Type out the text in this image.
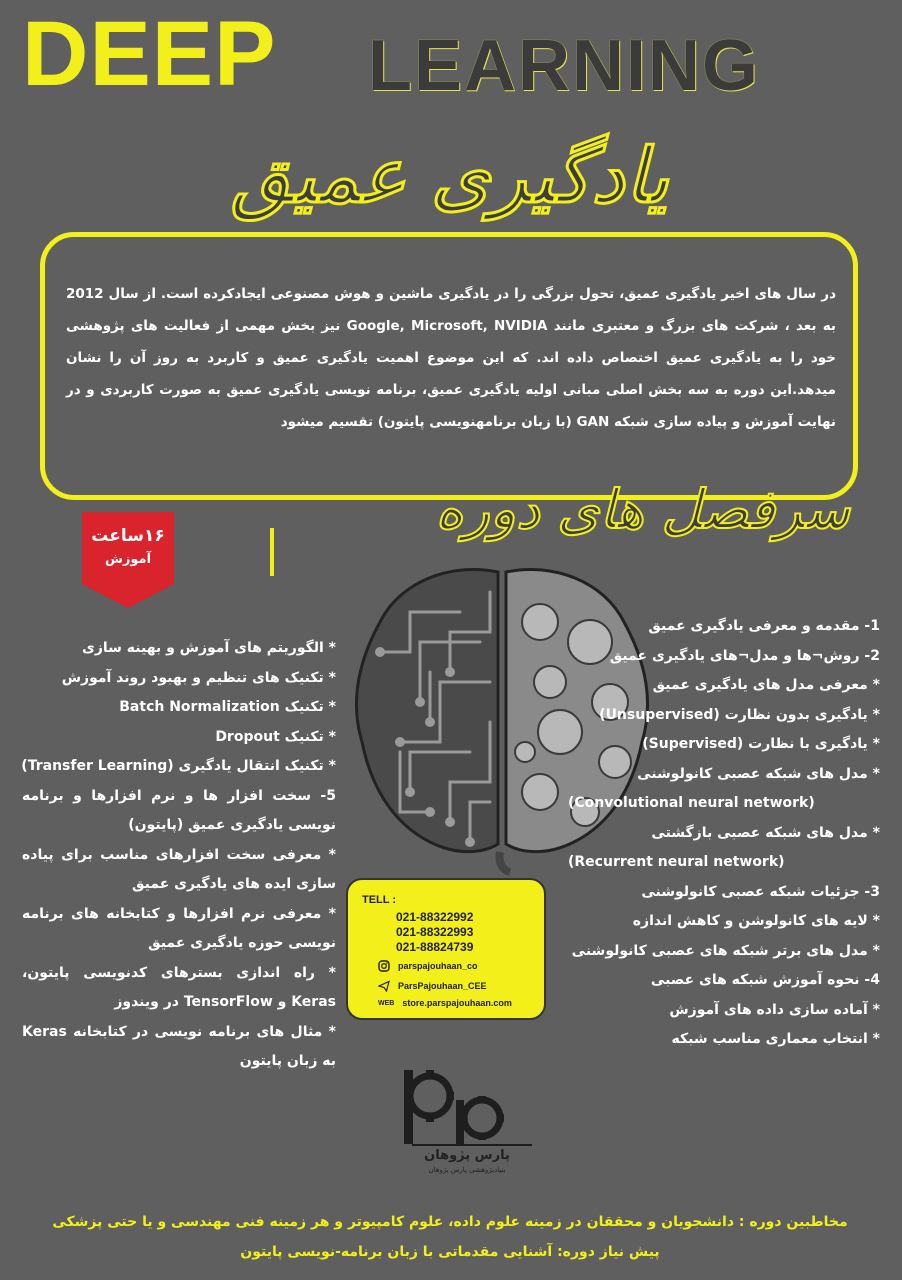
DEEP LEARNING
یادگیری عمیق
در سال های اخیر یادگیری عمیق، تحول بزرگی را در یادگیری ماشین و هوش مصنوعی ایجادکرده است. از سال 2012 به بعد ، شرکت های بزرگ و معتبری مانند Google, Microsoft, NVIDIA نیز بخش مهمی از فعالیت های پژوهشی خود را به یادگیری عمیق اختصاص داده اند. که این موضوع اهمیت یادگیری عمیق و کاربرد به روز آن را نشان میدهد.این دوره به سه بخش اصلی مبانی اولیه یادگیری عمیق، برنامه نویسی یادگیری عمیق به صورت کاربردی و در نهایت آموزش و پیاده سازی شبکه GAN (با زبان برنامهنویسی پایتون) تقسیم میشود
سرفصل های دوره
۱۶ساعت
آموزش
1- مقدمه و معرفی یادگیری عمیق
2- روش¬ها و مدل¬های یادگیری عمیق
* معرفی مدل های یادگیری عمیق
* یادگیری بدون نظارت (Unsupervised)
* یادگیری با نظارت (Supervised)
* مدل های شبکه عصبی کانولوشنی
(Convolutional neural network)
* مدل های شبکه عصبی بازگشتی
(Recurrent neural network)
3- جزئیات شبکه عصبی کانولوشنی
* لایه های کانولوشن و کاهش اندازه
* مدل های برتر شبکه های عصبی کانولوشنی
4- نحوه آموزش شبکه های عصبی
* آماده سازی داده های آموزش
* انتخاب معماری مناسب شبکه
* الگوریتم های آموزش و بهینه سازی
* تکنیک های تنظیم و بهبود روند آموزش
* تکنیک Batch Normalization
* تکنیک Dropout
* تکنیک انتقال یادگیری (Transfer Learning)
5- سخت افزار ها و نرم افزارها و برنامه نویسی یادگیری عمیق (پایتون)
* معرفی سخت افزارهای مناسب برای پیاده سازی ایده های یادگیری عمیق
* معرفی نرم افزارها و کتابخانه های برنامه نویسی حوزه یادگیری عمیق
* راه اندازی بسترهای کدنویسی پایتون، Keras و TensorFlow در ویندوز
* مثال های برنامه نویسی در کتابخانه Keras به زبان پایتون
TELL :
021-88322992
021-88322993
021-88824739
parspajouhaan_co
ParsPajouhaan_CEE
WEB store.parspajouhaan.com
پارس پژوهان
بنیادپژوهشی پارس پژوهان
مخاطبین دوره : دانشجویان و محققان در زمینه علوم داده، علوم کامپیوتر و هر زمینه فنی مهندسی و یا حتی پزشکی
پیش نیاز دوره: آشنایی مقدماتی با زبان برنامه-نویسی پایتون
